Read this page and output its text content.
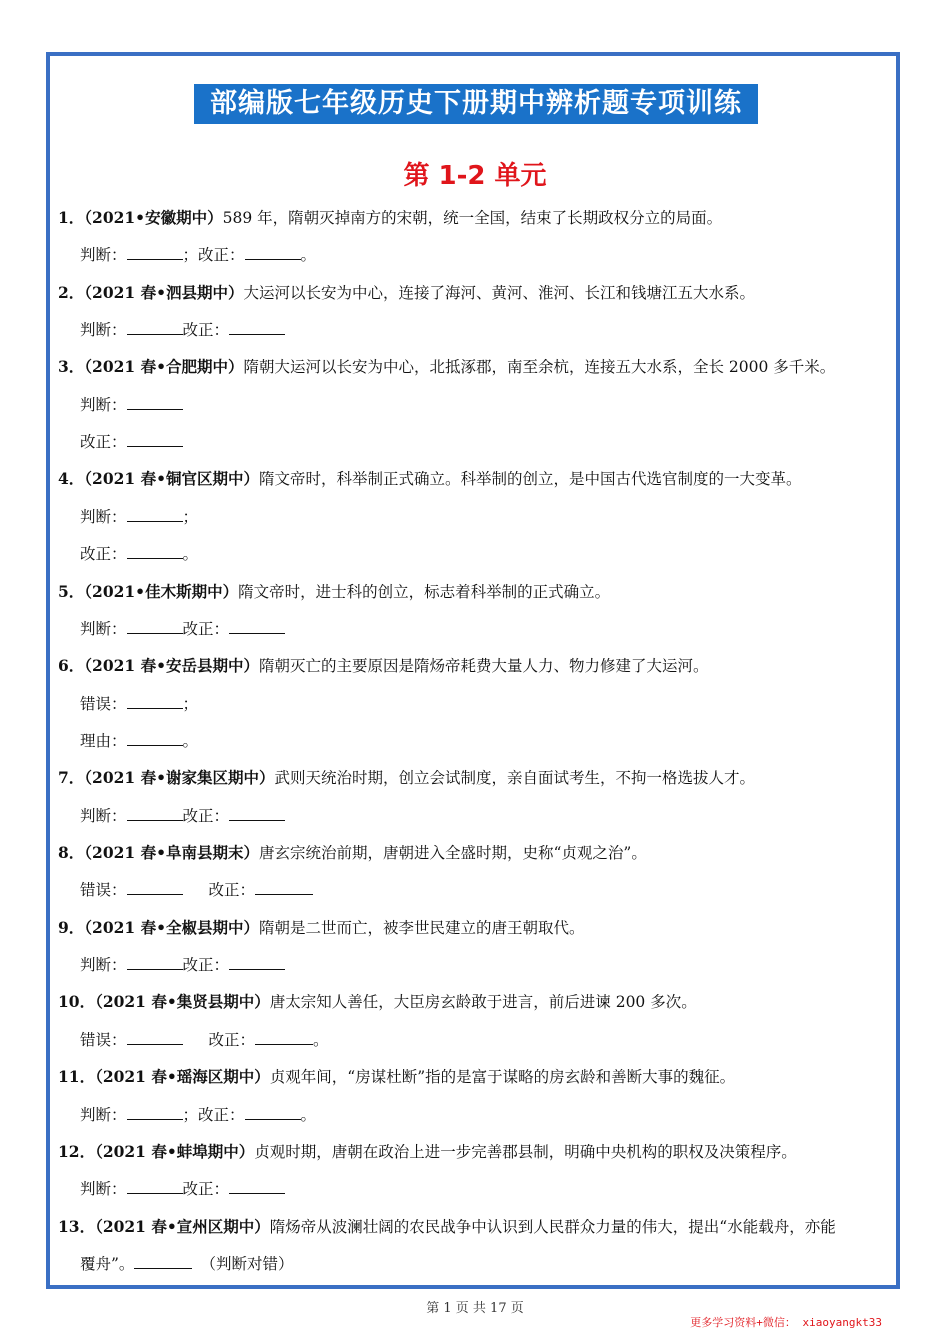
部编版七年级历史下册期中辨析题专项训练
第 1-2 单元
1．（2021•安徽期中）589 年，隋朝灭掉南方的宋朝，统一全国，结束了长期政权分立的局面。
判断：	；改正：	。
2．（2021 春•泗县期中）大运河以长安为中心，连接了海河、黄河、淮河、长江和钱塘江五大水系。
判断：	改正：
3．（2021 春•合肥期中）隋朝大运河以长安为中心，北抵涿郡，南至余杭，连接五大水系，全长 2000 多千米。
判断：
改正：
4．（2021 春•铜官区期中）隋文帝时，科举制正式确立。科举制的创立，是中国古代选官制度的一大变革。
判断：	；
改正：	。
5．（2021•佳木斯期中）隋文帝时，进士科的创立，标志着科举制的正式确立。
判断：	改正：
6．（2021 春•安岳县期中）隋朝灭亡的主要原因是隋炀帝耗费大量人力、物力修建了大运河。
错误：	；
理由：	。
7．（2021 春•谢家集区期中）武则天统治时期，创立会试制度，亲自面试考生，不拘一格选拔人才。
判断：	改正：
8．（2021 春•阜南县期末）唐玄宗统治前期，唐朝进入全盛时期，史称“贞观之治”。
错误：	改正：
9．（2021 春•全椒县期中）隋朝是二世而亡，被李世民建立的唐王朝取代。
判断：	改正：
10．（2021 春•集贤县期中）唐太宗知人善任，大臣房玄龄敢于进言，前后进谏 200 多次。
错误：	改正：	。
11．（2021 春•瑶海区期中）贞观年间，“房谋杜断”指的是富于谋略的房玄龄和善断大事的魏征。
判断：	；改正：	。
12．（2021 春•蚌埠期中）贞观时期，唐朝在政治上进一步完善郡县制，明确中央机构的职权及决策程序。
判断：	改正：
13．（2021 春•宣州区期中）隋炀帝从波澜壮阔的农民战争中认识到人民群众力量的伟大，提出“水能载舟，亦能
覆舟”。	（判断对错）
第 1 页 共 17 页
更多学习资料+微信： xiaoyangkt33
